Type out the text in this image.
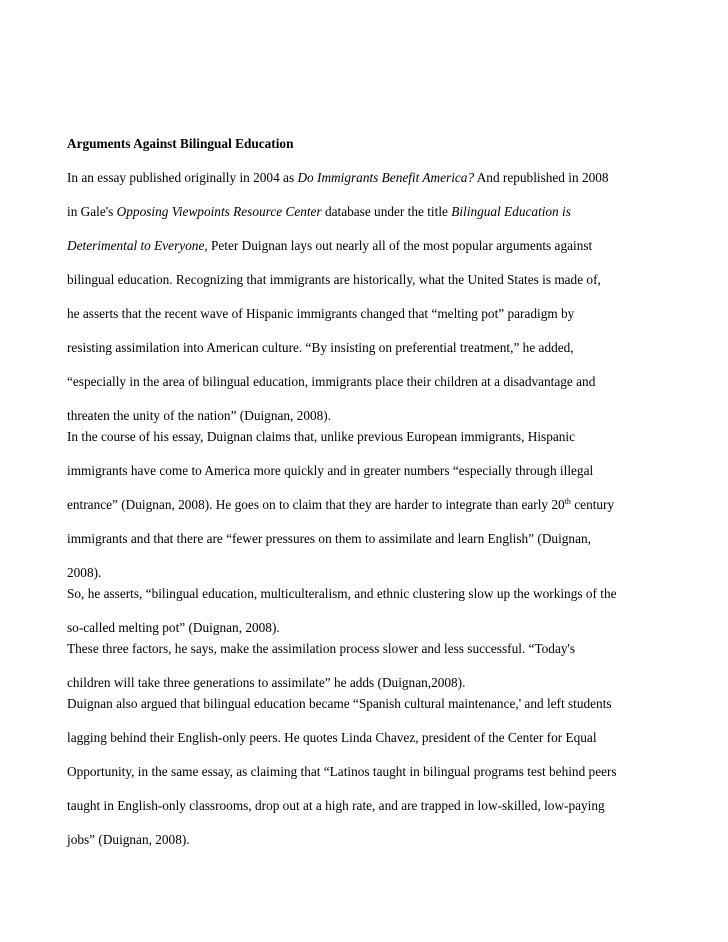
Arguments Against Bilingual Education
In an essay published originally in 2004 as Do Immigrants Benefit America? And republished in 2008
in Gale's Opposing Viewpoints Resource Center database under the title Bilingual Education is
Deterimental to Everyone, Peter Duignan lays out nearly all of the most popular arguments against
bilingual education. Recognizing that immigrants are historically, what the United States is made of,
he asserts that the recent wave of Hispanic immigrants changed that “melting pot” paradigm by
resisting assimilation into American culture. “By insisting on preferential treatment,” he added,
“especially in the area of bilingual education, immigrants place their children at a disadvantage and
threaten the unity of the nation” (Duignan, 2008).
In the course of his essay, Duignan claims that, unlike previous European immigrants, Hispanic
immigrants have come to America more quickly and in greater numbers “especially through illegal
entrance” (Duignan, 2008). He goes on to claim that they are harder to integrate than early 20th century
immigrants and that there are “fewer pressures on them to assimilate and learn English” (Duignan,
2008).
So, he asserts, “bilingual education, multiculteralism, and ethnic clustering slow up the workings of the
so-called melting pot” (Duignan, 2008).
These three factors, he says, make the assimilation process slower and less successful. “Today's
children will take three generations to assimilate” he adds (Duignan,2008).
Duignan also argued that bilingual education became “Spanish cultural maintenance,' and left students
lagging behind their English-only peers. He quotes Linda Chavez, president of the Center for Equal
Opportunity, in the same essay, as claiming that “Latinos taught in bilingual programs test behind peers
taught in English-only classrooms, drop out at a high rate, and are trapped in low-skilled, low-paying
jobs” (Duignan, 2008).
